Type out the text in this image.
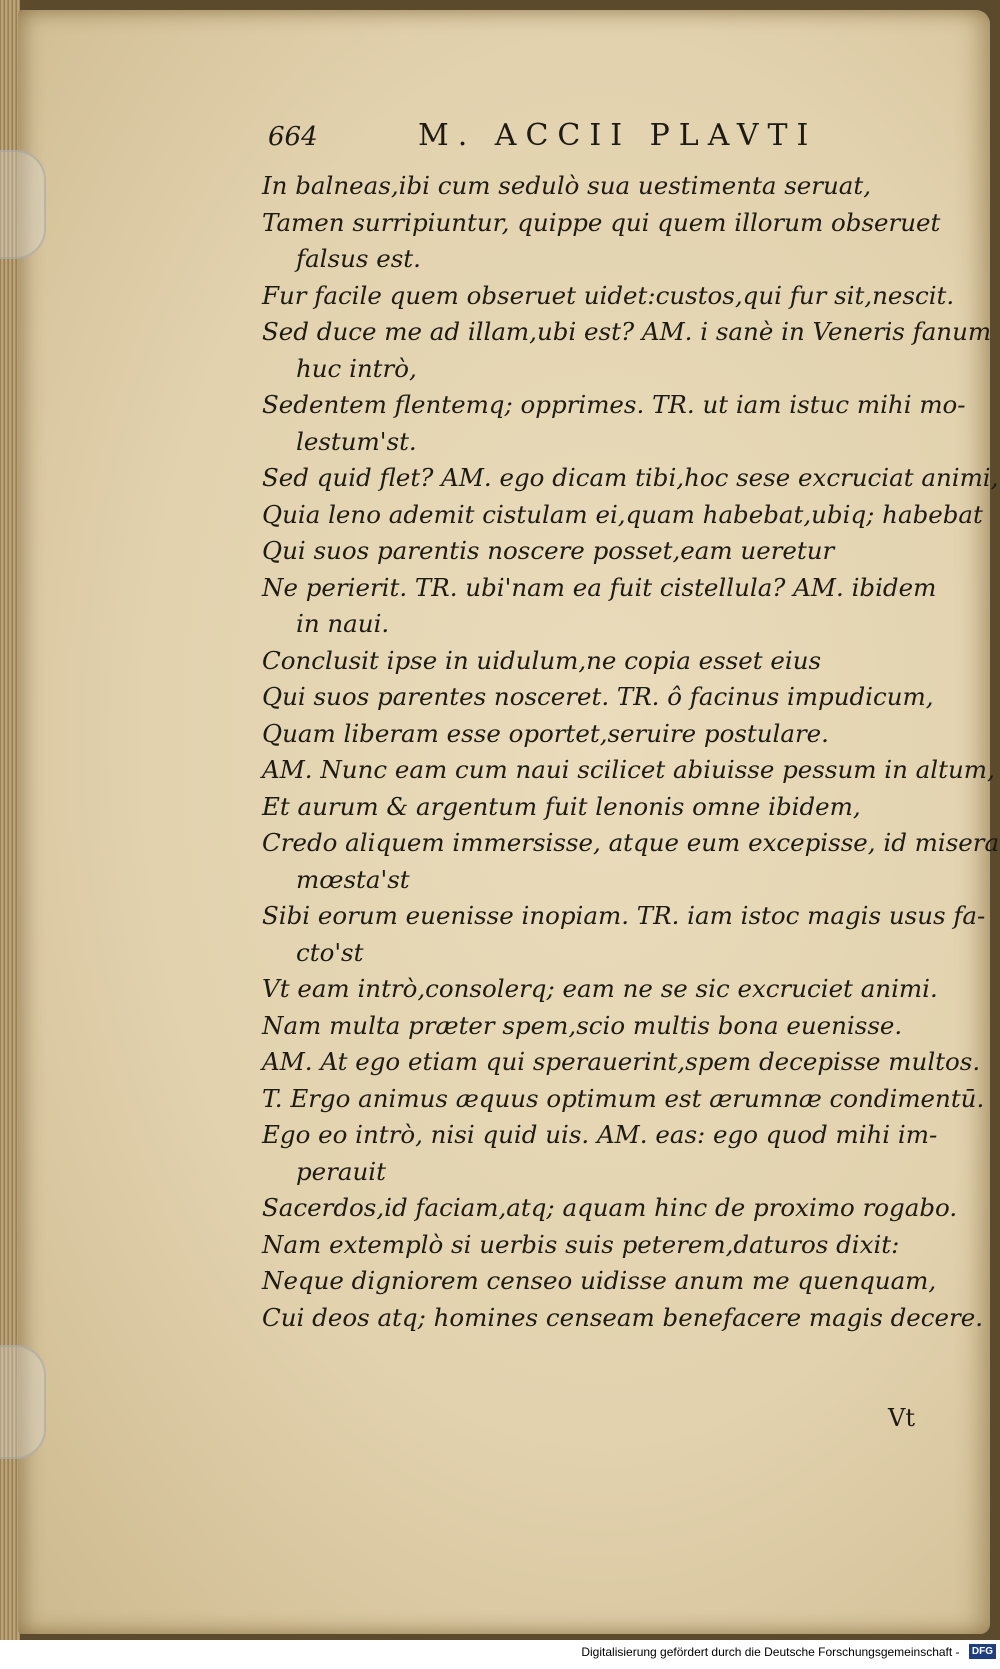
664	M. ACCII PLAVTI
In balneas,ibi cum sedulò sua uestimenta seruat,
Tamen surripiuntur, quippe qui quem illorum obseruet
falsus est.
Fur facile quem obseruet uidet:custos,qui fur sit,nescit.
Sed duce me ad illam,ubi est? AM. i sanè in Veneris fanum
huc intrò,
Sedentem flentemq; opprimes. TR. ut iam istuc mihi mo-
lestum'st.
Sed quid flet? AM. ego dicam tibi,hoc sese excruciat animi,
Quia leno ademit cistulam ei,quam habebat,ubiq; habebat
Qui suos parentis noscere posset,eam ueretur
Ne perierit. TR. ubi'nam ea fuit cistellula? AM. ibidem
in naui.
Conclusit ipse in uidulum,ne copia esset eius
Qui suos parentes nosceret. TR. ô facinus impudicum,
Quam liberam esse oportet,seruire postulare.
AM. Nunc eam cum naui scilicet abiuisse pessum in altum,
Et aurum & argentum fuit lenonis omne ibidem,
Credo aliquem immersisse, atque eum excepisse, id misera
mœsta'st
Sibi eorum euenisse inopiam. TR. iam istoc magis usus fa-
cto'st
Vt eam intrò,consolerq; eam ne se sic excruciet animi.
Nam multa præter spem,scio multis bona euenisse.
AM. At ego etiam qui sperauerint,spem decepisse multos.
T. Ergo animus æquus optimum est ærumnæ condimentū.
Ego eo intrò, nisi quid uis. AM. eas: ego quod mihi im-
perauit
Sacerdos,id faciam,atq; aquam hinc de proximo rogabo.
Nam extemplò si uerbis suis peterem,daturos dixit:
Neque digniorem censeo uidisse anum me quenquam,
Cui deos atq; homines censeam benefacere magis decere.
Vt
Digitalisierung gefördert durch die Deutsche Forschungsgemeinschaft - DFG
